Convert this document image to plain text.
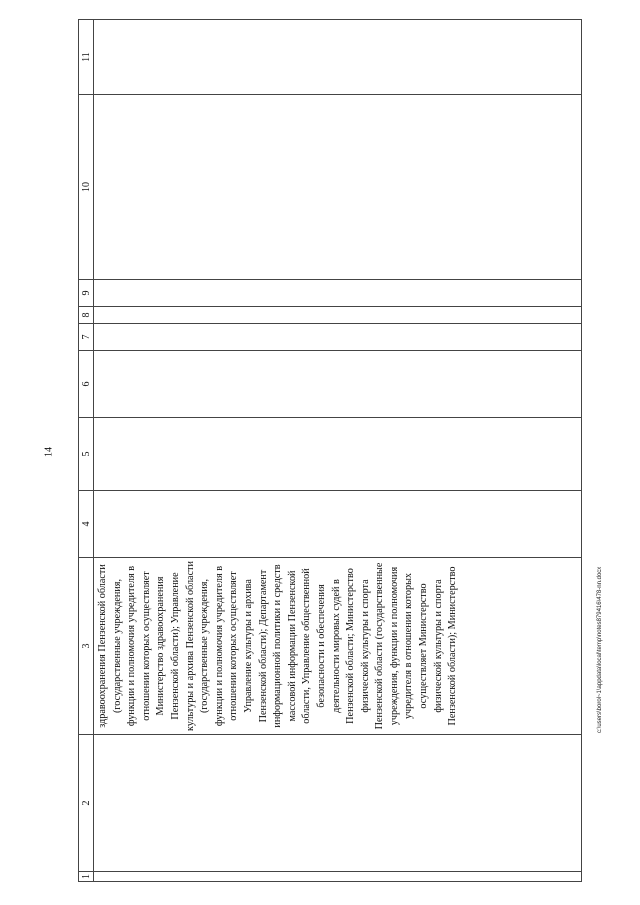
14
1	2	3	4	5	6	7	8	9	10	11
		здравоохранения Пензенской области (государственные учреждения, функции и полномочия учредителя в отношении которых осуществляет Министерство здравоохранения Пензенской области); Управление культуры и архива Пензенской области (государственные учреждения, функции и полномочия учредителя в отношении которых осуществляет Управление культуры и архива Пензенской области); Департамент информационной политики и средств массовой информации Пензенской области, Управление общественной безопасности и обеспечения деятельности мировых судей в Пензенской области; Министерство физической культуры и спорта Пензенской области (государственные учреждения, функции и полномочия учредителя в отношении которых осуществляет Министерство физической культуры и спорта Пензенской области); Министерство									c:\users\borol~1\appdata\local\temp\notes879416\478-nn.docx
